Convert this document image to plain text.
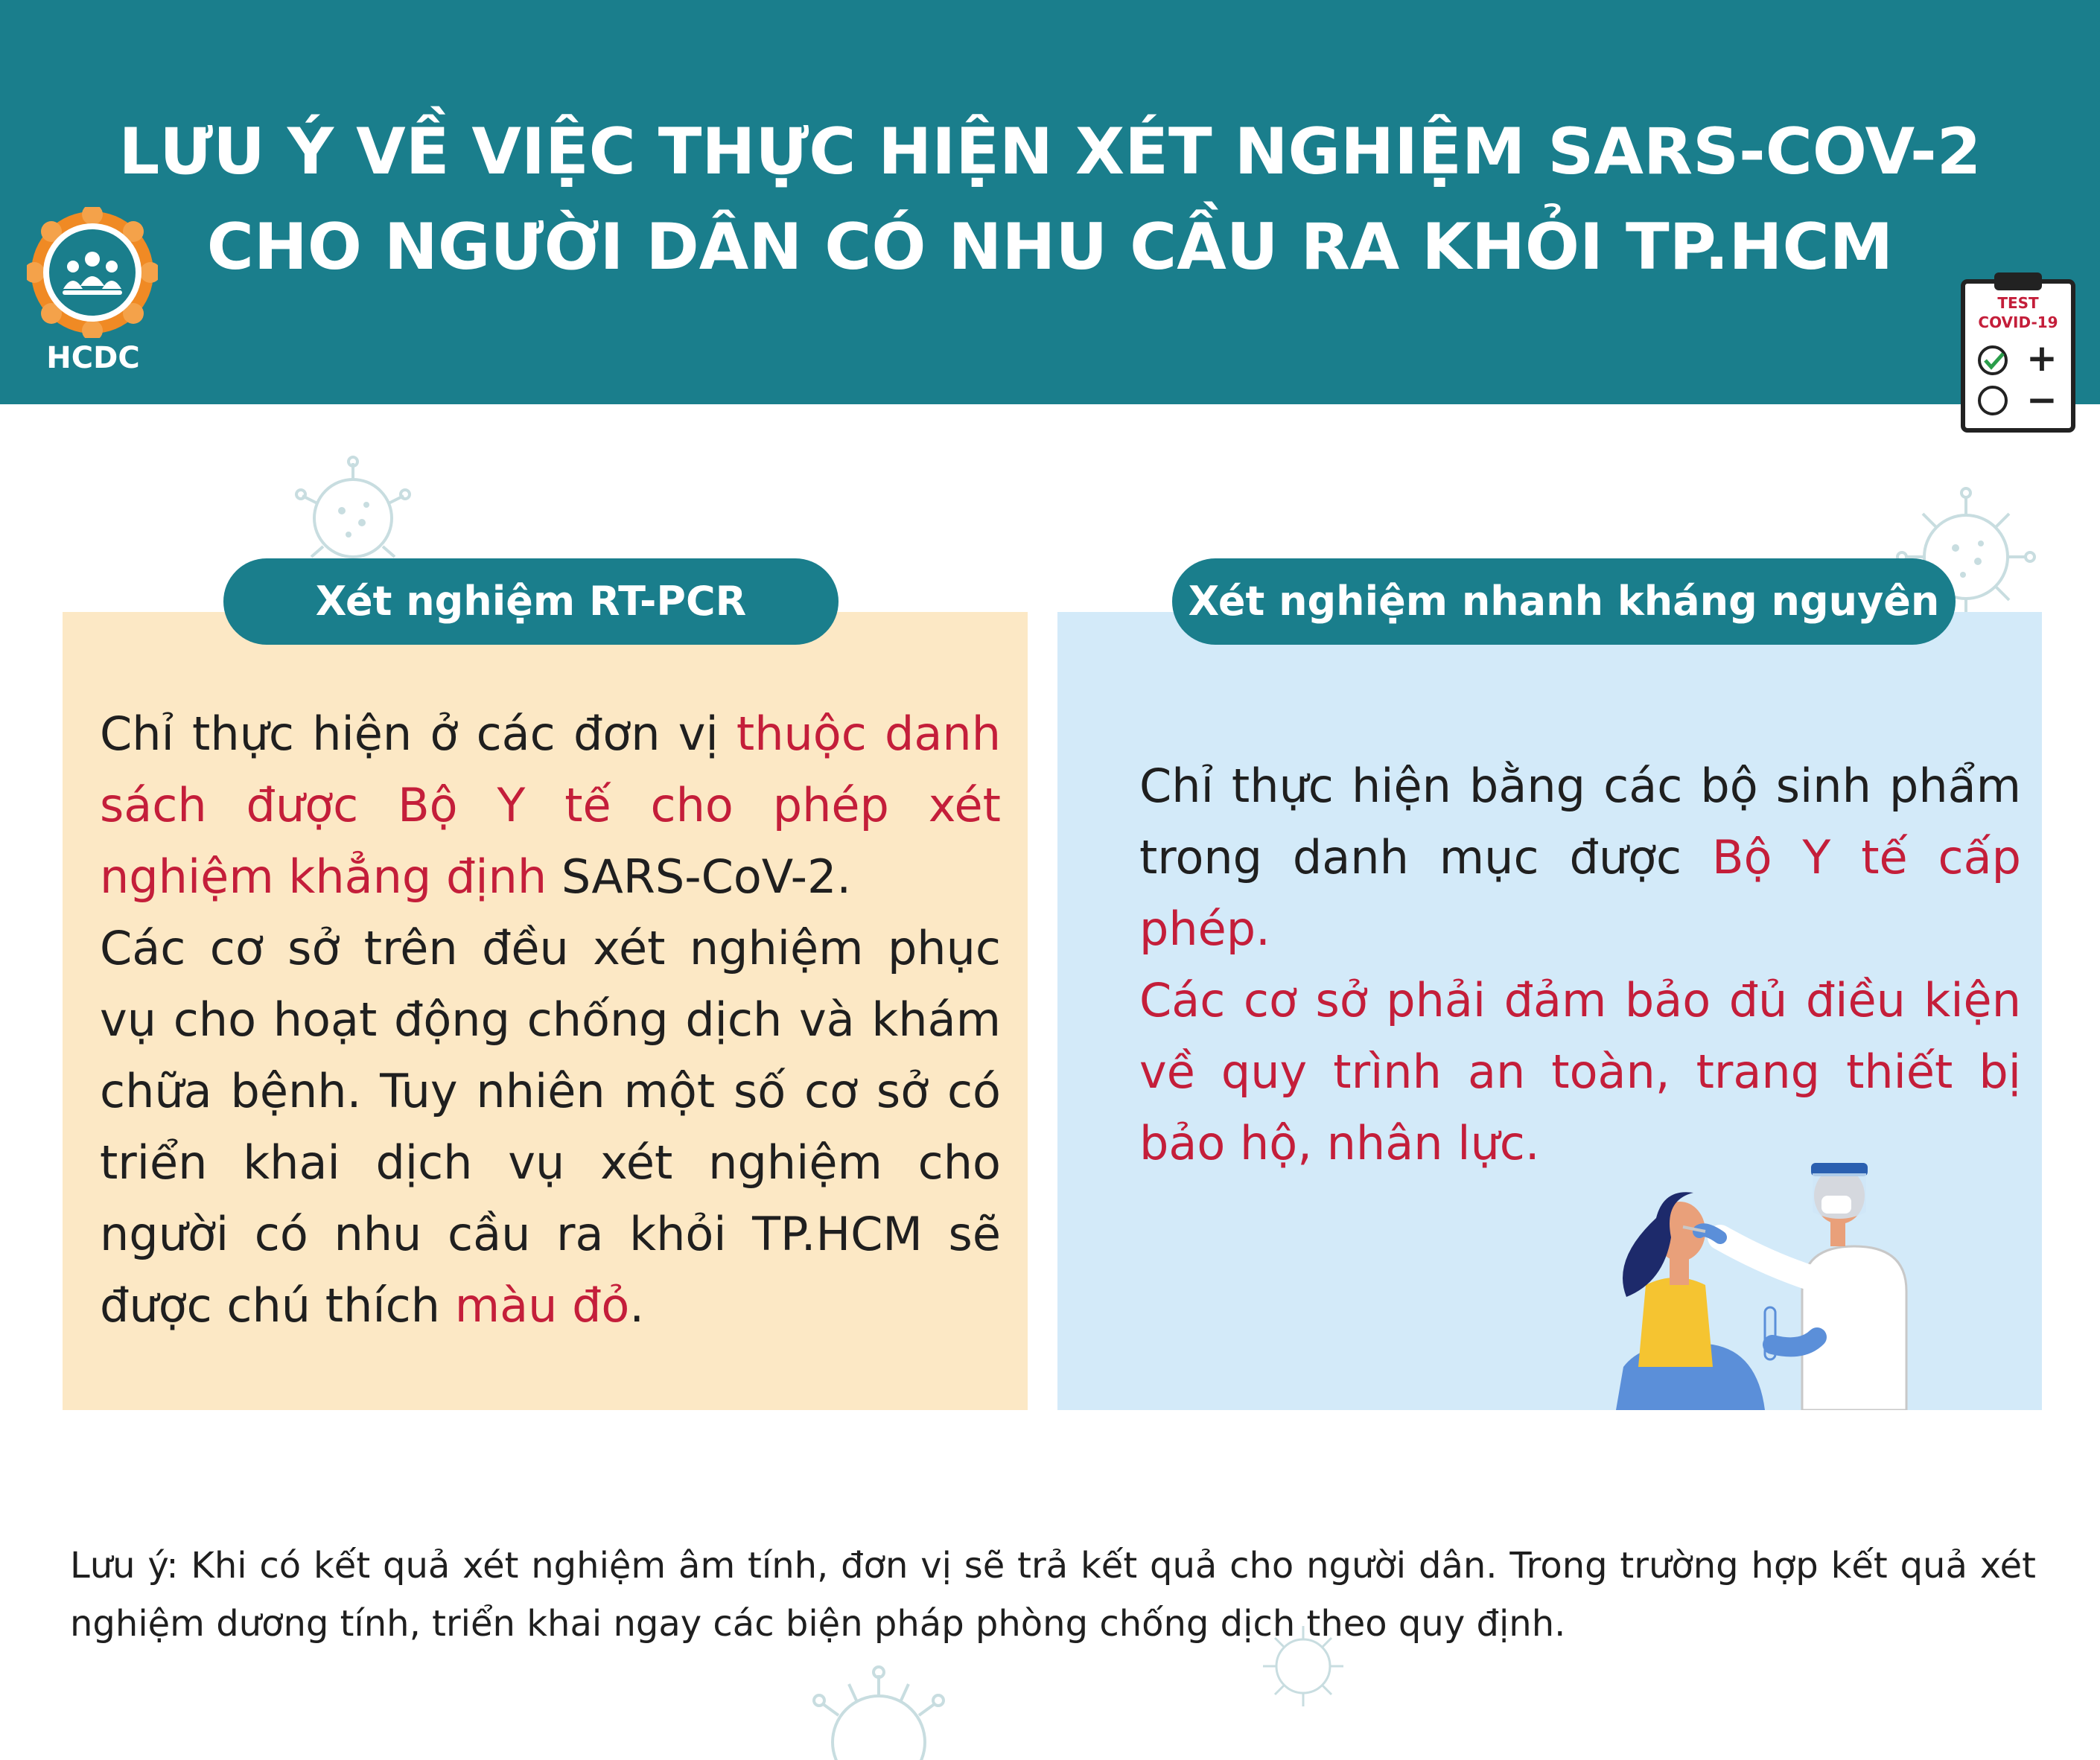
LƯU Ý VỀ VIỆC THỰC HIỆN XÉT NGHIỆM SARS-COV-2
CHO NGƯỜI DÂN CÓ NHU CẦU RA KHỎI TP.HCM
HCDC
TEST
COVID-19
+
−
Xét nghiệm RT-PCR
Chỉ thực hiện ở các đơn vị thuộc danh sách được Bộ Y tế cho phép xét nghiệm khẳng định SARS-CoV-2.
Các cơ sở trên đều xét nghiệm phục vụ cho hoạt động chống dịch và khám chữa bệnh. Tuy nhiên một số cơ sở có triển khai dịch vụ xét nghiệm cho người có nhu cầu ra khỏi TP.HCM sẽ được chú thích màu đỏ.
Xét nghiệm nhanh kháng nguyên
Chỉ thực hiện bằng các bộ sinh phẩm trong danh mục được Bộ Y tế cấp phép.
Các cơ sở phải đảm bảo đủ điều kiện về quy trình an toàn, trang thiết bị bảo hộ, nhân lực.
Lưu ý: Khi có kết quả xét nghiệm âm tính, đơn vị sẽ trả kết quả cho người dân. Trong trường hợp kết quả xét nghiệm dương tính, triển khai ngay các biện pháp phòng chống dịch theo quy định.
